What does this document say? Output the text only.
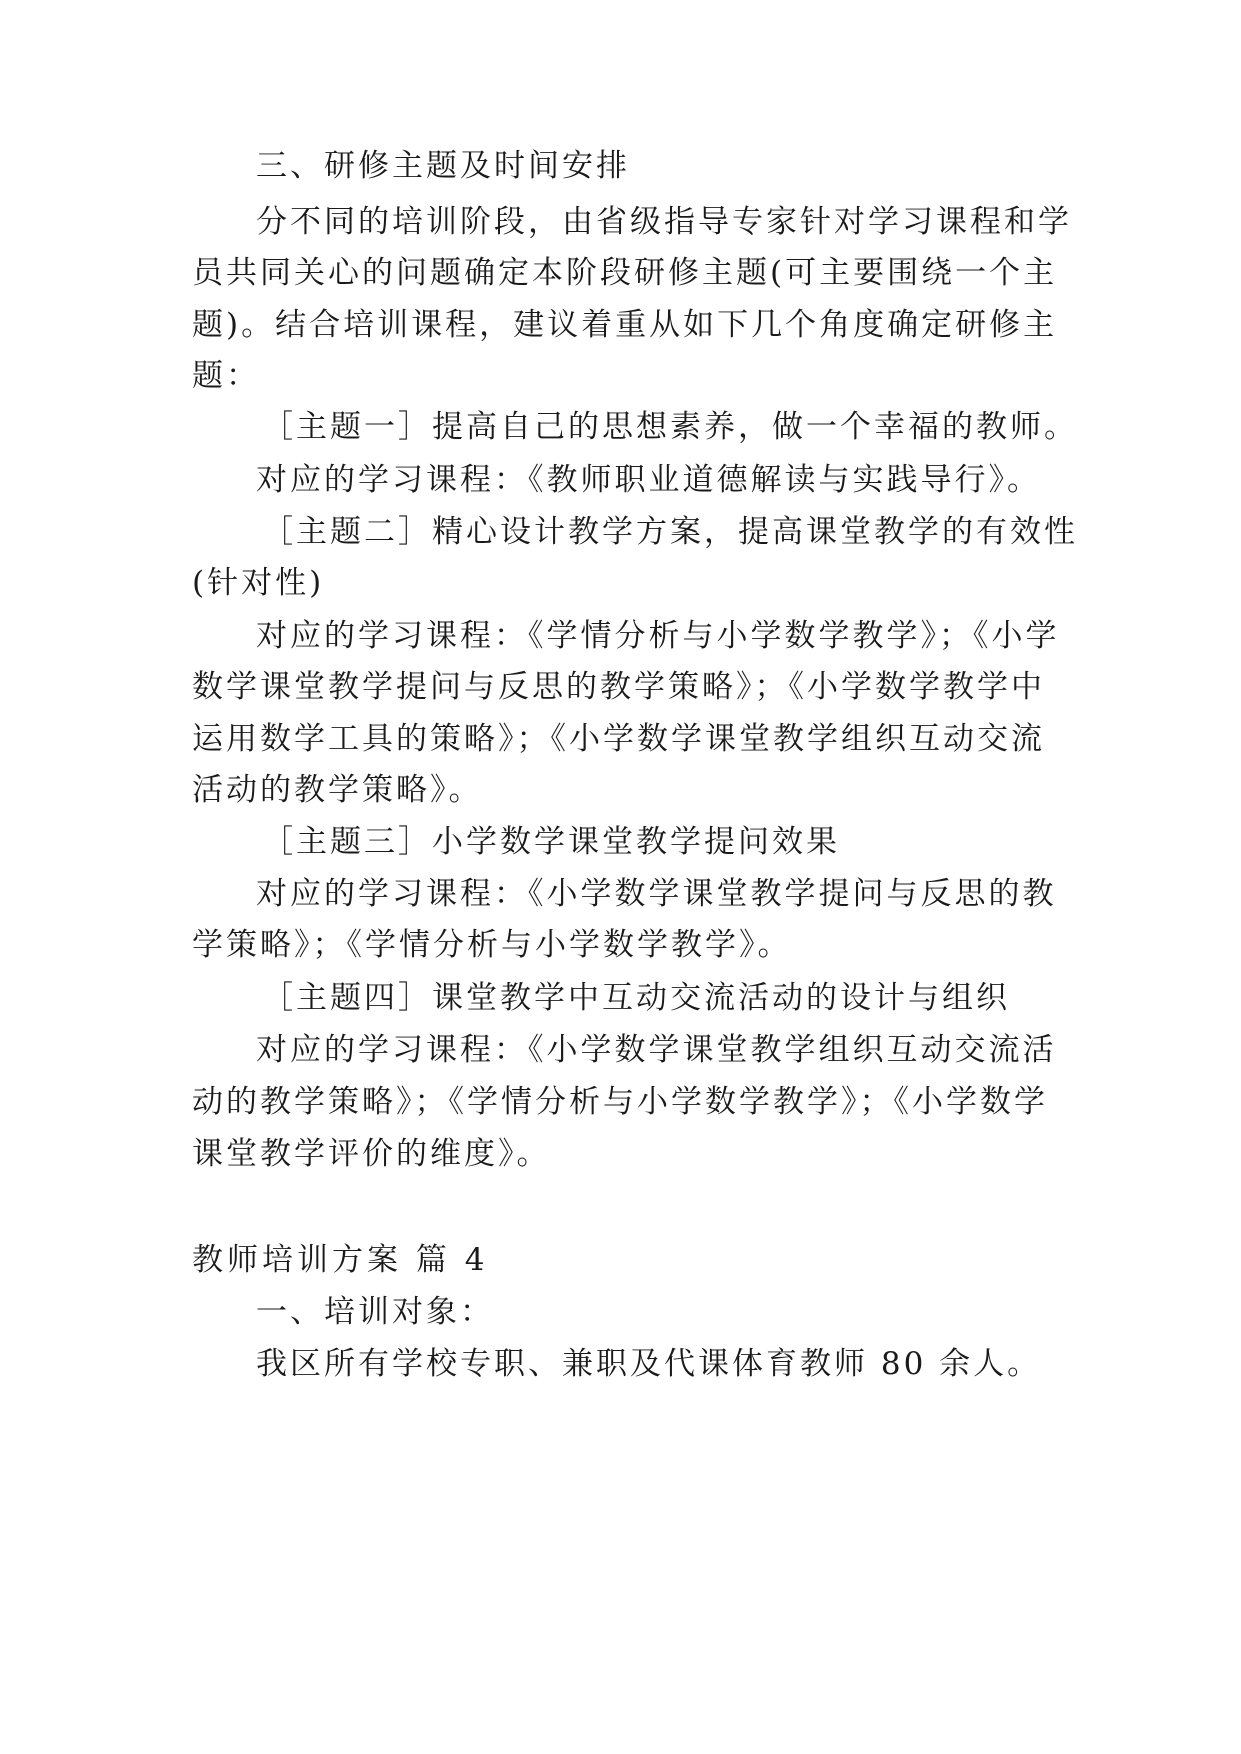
三、研修主题及时间安排

分不同的培训阶段，由省级指导专家针对学习课程和学

员共同关心的问题确定本阶段研修主题(可主要围绕一个主

题)。结合培训课程，建议着重从如下几个角度确定研修主

题：

［主题一］提高自己的思想素养，做一个幸福的教师。

对应的学习课程：《教师职业道德解读与实践导行》。

［主题二］精心设计教学方案，提高课堂教学的有效性

(针对性)

对应的学习课程：《学情分析与小学数学教学》；《小学

数学课堂教学提问与反思的教学策略》；《小学数学教学中

运用数学工具的策略》；《小学数学课堂教学组织互动交流

活动的教学策略》。

［主题三］小学数学课堂教学提问效果

对应的学习课程：《小学数学课堂教学提问与反思的教

学策略》；《学情分析与小学数学教学》。

［主题四］课堂教学中互动交流活动的设计与组织

对应的学习课程：《小学数学课堂教学组织互动交流活

动的教学策略》；《学情分析与小学数学教学》；《小学数学

课堂教学评价的维度》。

教师培训方案 篇 4

一、培训对象：

我区所有学校专职、兼职及代课体育教师 80 余人。
